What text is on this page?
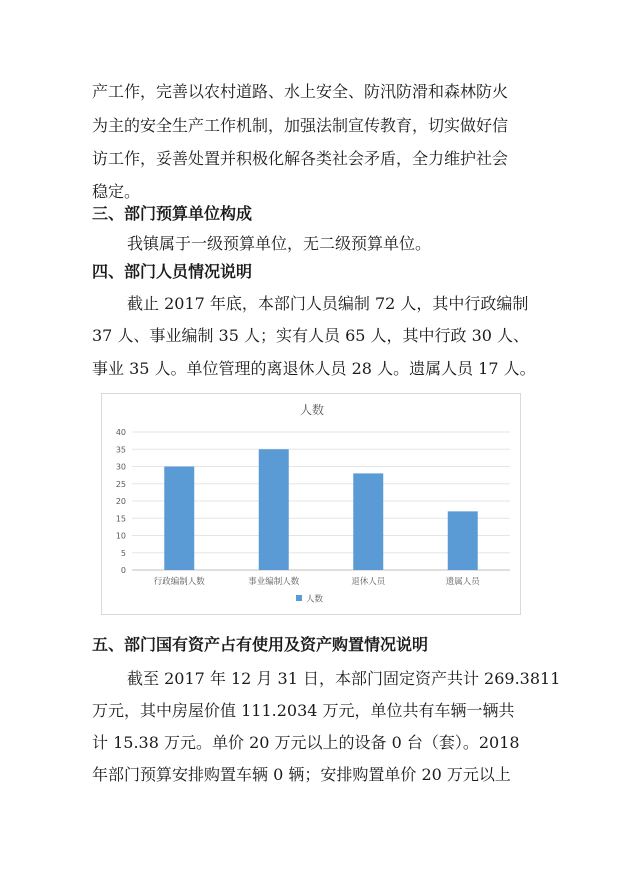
产工作，完善以农村道路、水上安全、防汛防滑和森林防火
为主的安全生产工作机制，加强法制宣传教育，切实做好信
访工作，妥善处置并积极化解各类社会矛盾，全力维护社会
稳定。
三、部门预算单位构成
我镇属于一级预算单位，无二级预算单位。
四、部门人员情况说明
截止 2017 年底，本部门人员编制 72 人，其中行政编制
37 人、事业编制 35 人；实有人员 65 人，其中行政 30 人、
事业 35 人。单位管理的离退休人员 28 人。遗属人员 17 人。
人数
0
5
10
15
20
25
30
35
40
行政编制人数	事业编制人数	退休人员	遗属人员
人数
五、部门国有资产占有使用及资产购置情况说明
截至 2017 年 12 月 31 日，本部门固定资产共计 269.3811
万元，其中房屋价值 111.2034 万元，单位共有车辆一辆共
计 15.38 万元。单价 20 万元以上的设备 0 台（套）。2018
年部门预算安排购置车辆 0 辆；安排购置单价 20 万元以上
